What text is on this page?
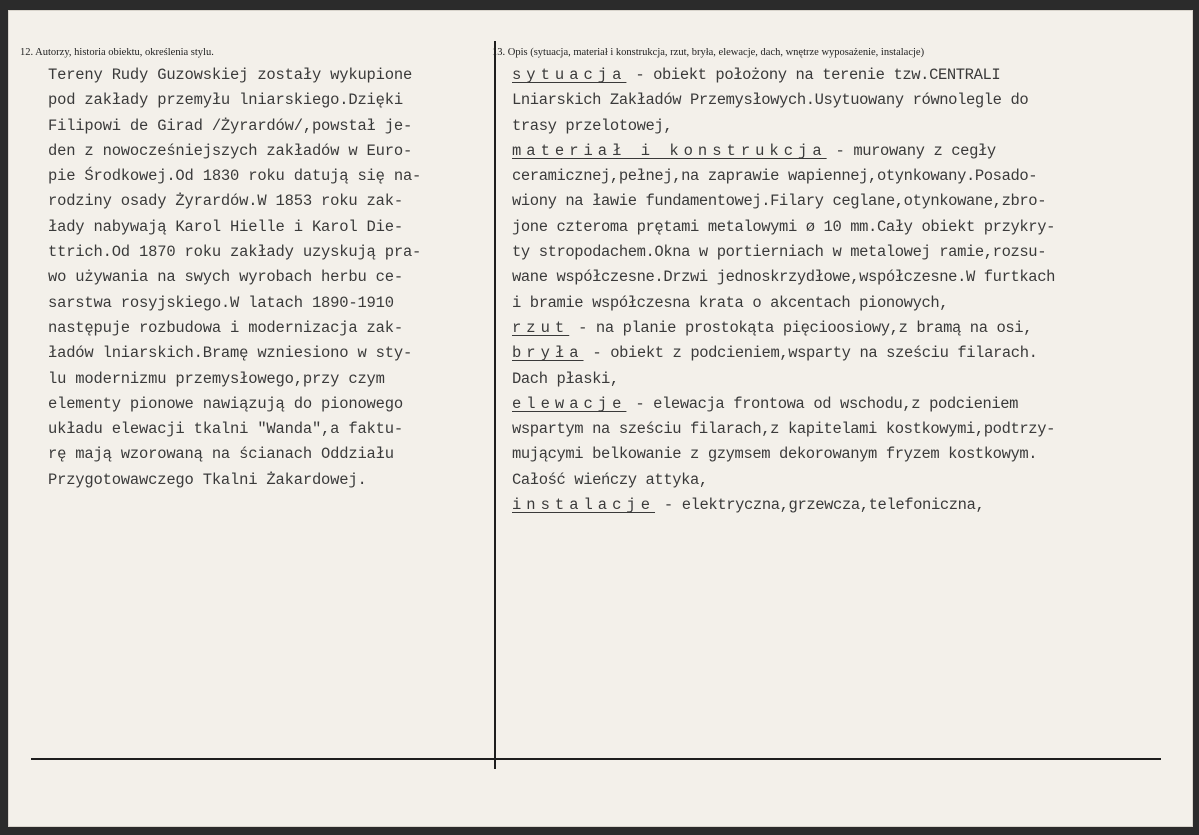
12. Autorzy, historia obiektu, określenia stylu.	13. Opis (sytuacja, materiał i konstrukcja, rzut, bryła, elewacje, dach, wnętrze wyposażenie, instalacje)
Tereny Rudy Guzowskiej zostały wykupione
pod zakłady przemyłu lniarskiego.Dzięki
Filipowi de Girad /Żyrardów/,powstał je-
den z nowocześniejszych zakładów w Euro-
pie Środkowej.Od 1830 roku datują się na-
rodziny osady Żyrardów.W 1853 roku zak-
łady nabywają Karol Hielle i Karol Die-
ttrich.Od 1870 roku zakłady uzyskują pra-
wo używania na swych wyrobach herbu ce-
sarstwa rosyjskiego.W latach 1890-1910
następuje rozbudowa i modernizacja zak-
ładów lniarskich.Bramę wzniesiono w sty-
lu modernizmu przemysłowego,przy czym
elementy pionowe nawiązują do pionowego
układu elewacji tkalni "Wanda",a faktu-
rę mają wzorowaną na ścianach Oddziału
Przygotowawczego Tkalni Żakardowej.
sytuacja - obiekt położony na terenie tzw.CENTRALI
Lniarskich Zakładów Przemysłowych.Usytuowany równolegle do
trasy przelotowej,
materiał i konstrukcja - murowany z cegły
ceramicznej,pełnej,na zaprawie wapiennej,otynkowany.Posado-
wiony na ławie fundamentowej.Filary ceglane,otynkowane,zbro-
jone czteroma prętami metalowymi ø 10 mm.Cały obiekt przykry-
ty stropodachem.Okna w portierniach w metalowej ramie,rozsu-
wane współczesne.Drzwi jednoskrzydłowe,współczesne.W furtkach
i bramie współczesna krata o akcentach pionowych,
rzut - na planie prostokąta pięcioosiowy,z bramą na osi,
bryła - obiekt z podcieniem,wsparty na sześciu filarach.
Dach płaski,
elewacje - elewacja frontowa od wschodu,z podcieniem
wspartym na sześciu filarach,z kapitelami kostkowymi,podtrzy-
mującymi belkowanie z gzymsem dekorowanym fryzem kostkowym.
Całość wieńczy attyka,
instalacje - elektryczna,grzewcza,telefoniczna,
